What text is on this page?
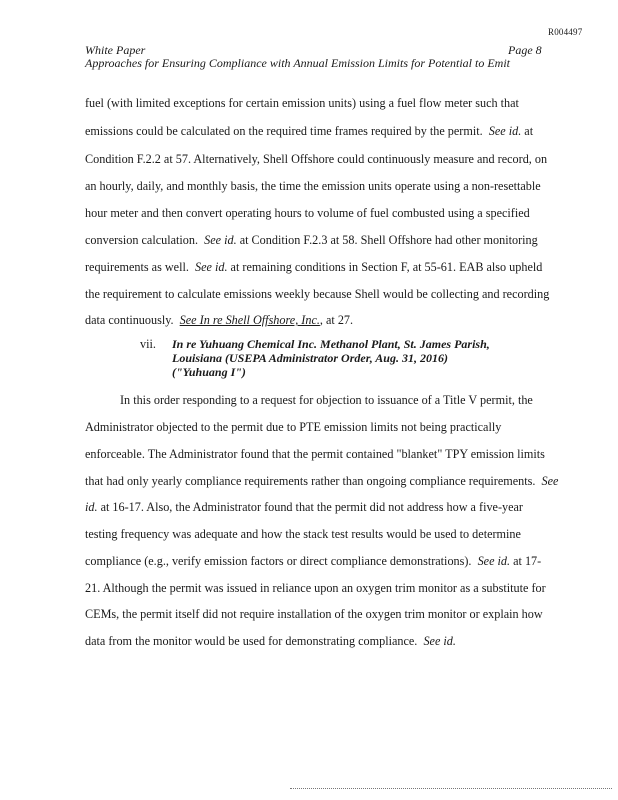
R004497
White Paper	Page 8
Approaches for Ensuring Compliance with Annual Emission Limits for Potential to Emit
fuel (with limited exceptions for certain emission units) using a fuel flow meter such that
emissions could be calculated on the required time frames required by the permit. See id. at
Condition F.2.2 at 57. Alternatively, Shell Offshore could continuously measure and record, on
an hourly, daily, and monthly basis, the time the emission units operate using a non-resettable
hour meter and then convert operating hours to volume of fuel combusted using a specified
conversion calculation. See id. at Condition F.2.3 at 58. Shell Offshore had other monitoring
requirements as well. See id. at remaining conditions in Section F, at 55-61. EAB also upheld
the requirement to calculate emissions weekly because Shell would be collecting and recording
data continuously. See In re Shell Offshore, Inc., at 27.
vii. In re Yuhuang Chemical Inc. Methanol Plant, St. James Parish,
Louisiana (USEPA Administrator Order, Aug. 31, 2016)
("Yuhuang I")
In this order responding to a request for objection to issuance of a Title V permit, the
Administrator objected to the permit due to PTE emission limits not being practically
enforceable. The Administrator found that the permit contained "blanket" TPY emission limits
that had only yearly compliance requirements rather than ongoing compliance requirements. See
id. at 16-17. Also, the Administrator found that the permit did not address how a five-year
testing frequency was adequate and how the stack test results would be used to determine
compliance (e.g., verify emission factors or direct compliance demonstrations). See id. at 17-
21. Although the permit was issued in reliance upon an oxygen trim monitor as a substitute for
CEMs, the permit itself did not require installation of the oxygen trim monitor or explain how
data from the monitor would be used for demonstrating compliance. See id.
